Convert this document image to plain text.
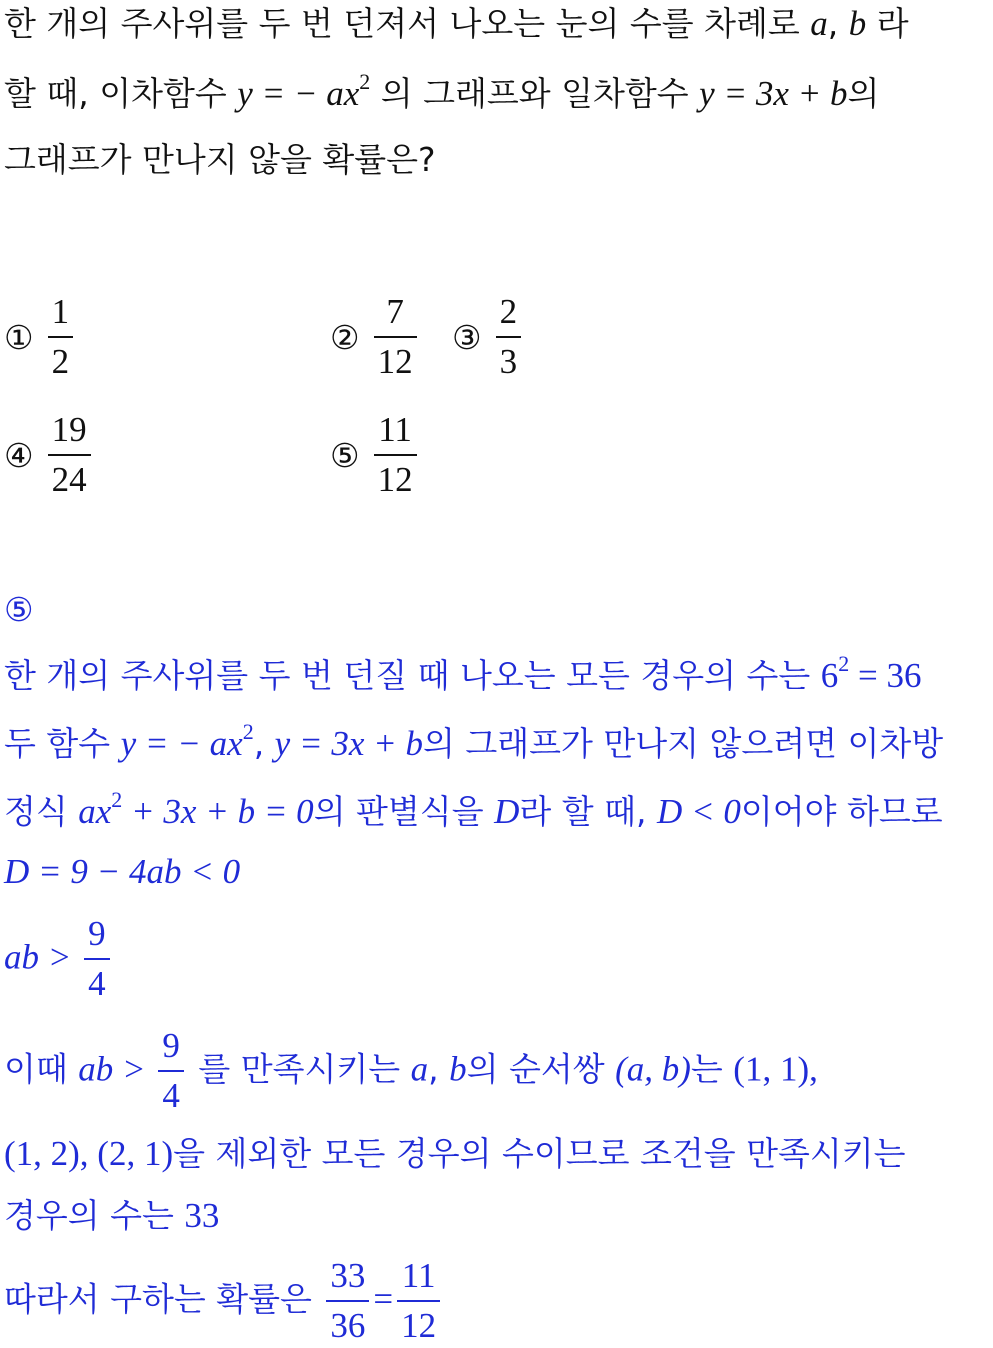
한 개의 주사위를 두 번 던져서 나오는 눈의 수를 차례로 a, b 라
할 때, 이차함수 y = − $ax^2$ 의 그래프와 일차함수 y = 3x + b의
그래프가 만나지 않을 확률은?
① $\frac{1}{2}$	② $\frac{7}{12}$ ③ $\frac{2}{3}$
④ $\frac{19}{24}$	⑤ $\frac{11}{12}$
⑤
한 개의 주사위를 두 번 던질 때 나오는 모든 경우의 수는 $6^2 = 36$
두 함수 y = − $ax^2$, y = 3x + b의 그래프가 만나지 않으려면 이차방
정식 $ax^2 + 3x + b = 0$의 판별식을 D라 할 때, D < 0이어야 하므로
D = 9 − 4ab < 0
ab > $\frac{9}{4}$
이때 ab > $\frac{9}{4}$ 를 만족시키는 a, b의 순서쌍 (a, b)는 (1, 1),
(1, 2), (2, 1)을 제외한 모든 경우의 수이므로 조건을 만족시키는
경우의 수는 33
따라서 구하는 확률은 $\frac{33}{36} = \frac{11}{12}$
